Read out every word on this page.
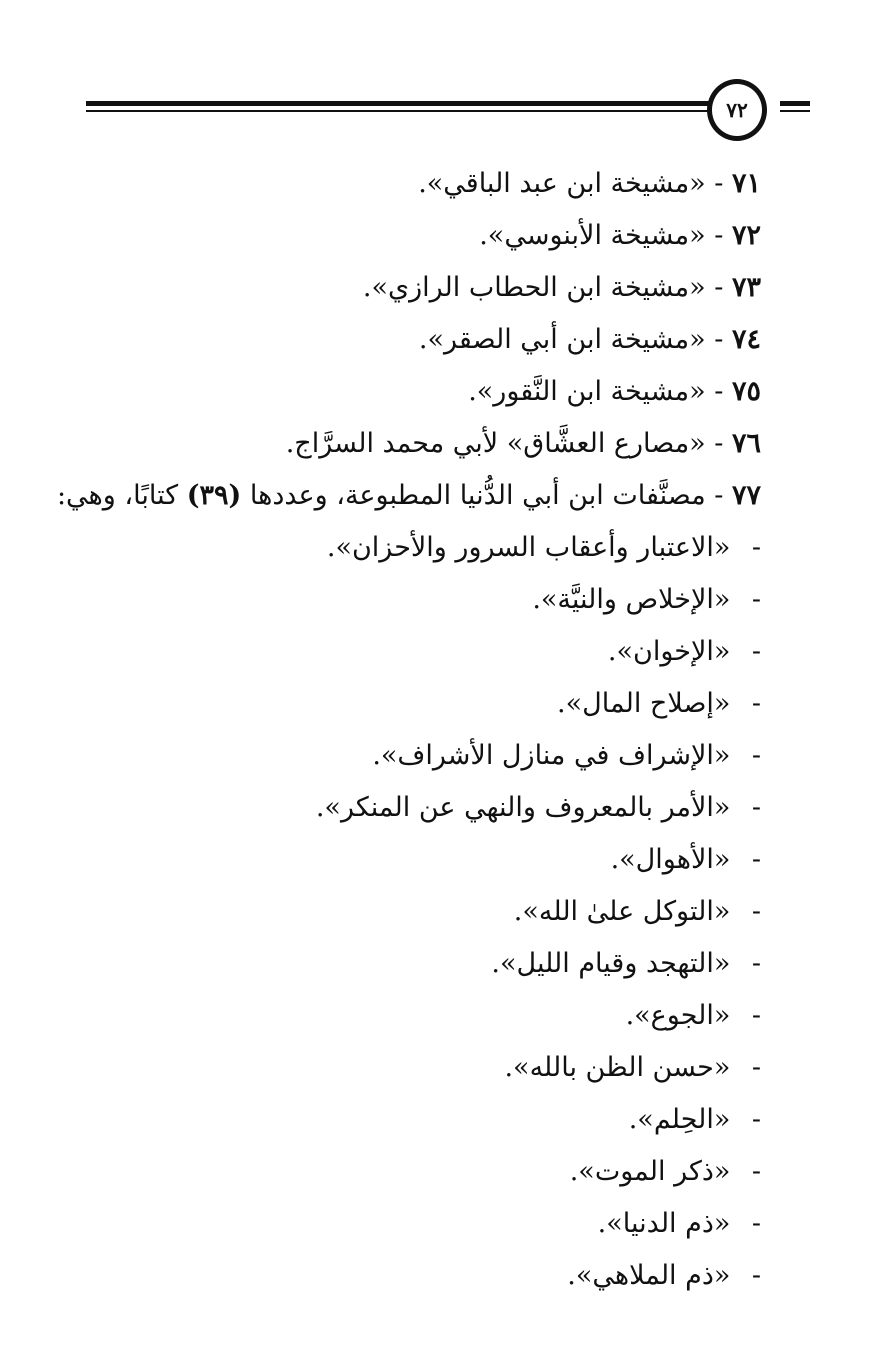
٧٢
٧١ - «مشيخة ابن عبد الباقي».
٧٢ - «مشيخة الأبنوسي».
٧٣ - «مشيخة ابن الحطاب الرازي».
٧٤ - «مشيخة ابن أبي الصقر».
٧٥ - «مشيخة ابن النَّقور».
٧٦ - «مصارع العشَّاق» لأبي محمد السرَّاج.
٧٧ - مصنَّفات ابن أبي الدُّنيا المطبوعة، وعددها (٣٩) كتابًا، وهي:
- «الاعتبار وأعقاب السرور والأحزان».
- «الإخلاص والنيَّة».
- «الإخوان».
- «إصلاح المال».
- «الإشراف في منازل الأشراف».
- «الأمر بالمعروف والنهي عن المنكر».
- «الأهوال».
- «التوكل علىٰ الله».
- «التهجد وقيام الليل».
- «الجوع».
- «حسن الظن بالله».
- «الحِلم».
- «ذكر الموت».
- «ذم الدنيا».
- «ذم الملاهي».
